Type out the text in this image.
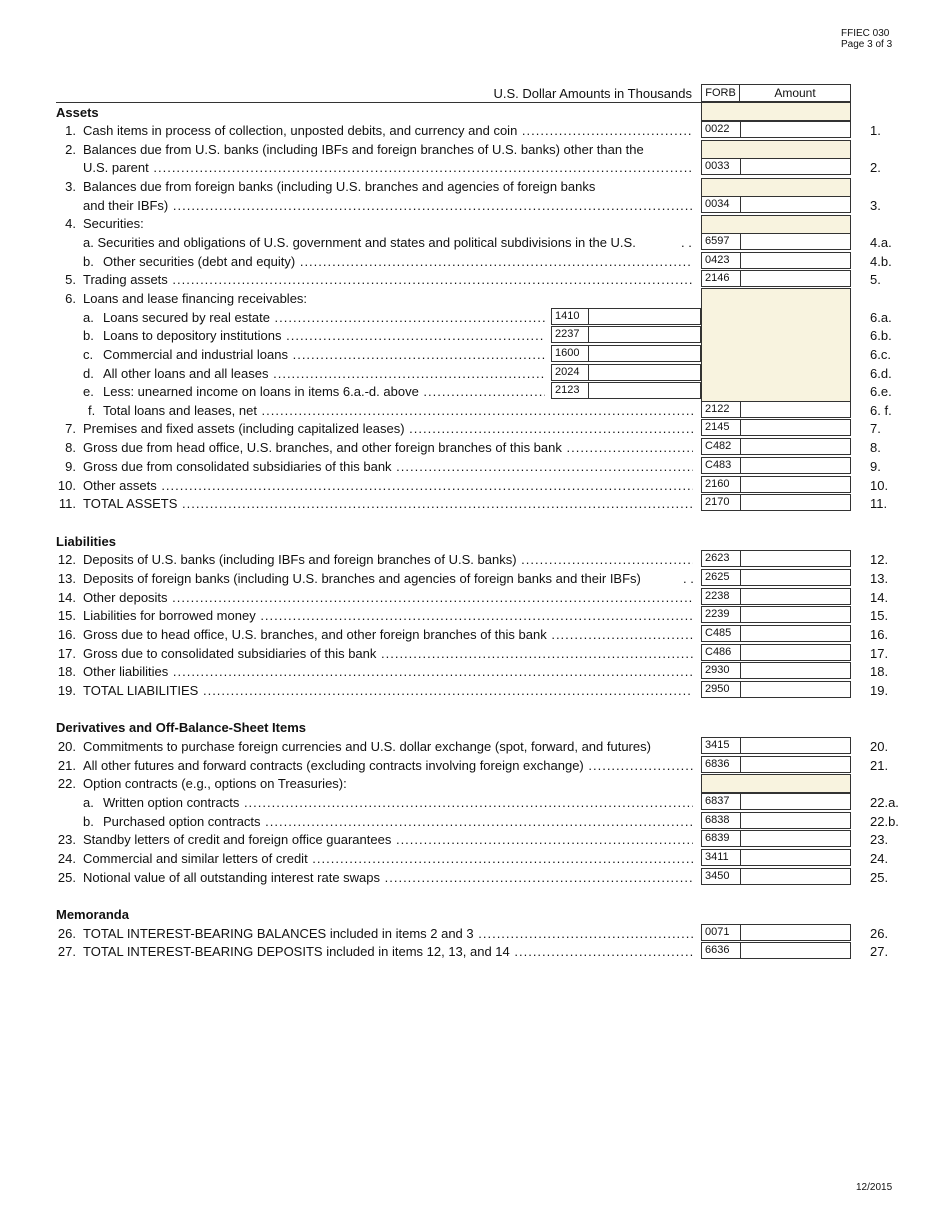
FFIEC 030
Page 3 of 3
U.S. Dollar Amounts in Thousands	FORB	Amount
Assets
1. Cash items in process of collection, unposted debits, and currency and coin .....	0022	1.
2. Balances due from U.S. banks (including IBFs and foreign branches of U.S. banks) other than the
U.S. parent .....	0033	2.
3. Balances due from foreign banks (including U.S. branches and agencies of foreign banks
and their IBFs) .....	0034	3.
4. Securities:
a. Securities and obligations of U.S. government and states and political subdivisions in the U.S.	. . 6597	4.a.
b. Other securities (debt and equity) .....	0423	4.b.
5. Trading assets .....	2146	5.
6. Loans and lease financing receivables:
a. Loans secured by real estate .....	1410	6.a.
b. Loans to depository institutions .....	2237	6.b.
c. Commercial and industrial loans .....	1600	6.c.
d. All other loans and all leases .....	2024	6.d.
e. Less: unearned income on loans in items 6.a.-d. above .....	2123	6.e.
f. Total loans and leases, net .....	2122	6. f.
7. Premises and fixed assets (including capitalized leases) .....	2145	7.
8. Gross due from head office, U.S. branches, and other foreign branches of this bank .....	C482	8.
9. Gross due from consolidated subsidiaries of this bank .....	C483	9.
10. Other assets .....	2160	10.
11. TOTAL ASSETS .....	2170	11.
Liabilities
12. Deposits of U.S. banks (including IBFs and foreign branches of U.S. banks) .....	2623	12.
13. Deposits of foreign banks (including U.S. branches and agencies of foreign banks and their IBFs)	. . 2625	13.
14. Other deposits .....	2238	14.
15. Liabilities for borrowed money .....	2239	15.
16. Gross due to head office, U.S. branches, and other foreign branches of this bank .....	C485	16.
17. Gross due to consolidated subsidiaries of this bank .....	C486	17.
18. Other liabilities .....	2930	18.
19. TOTAL LIABILITIES .....	2950	19.
Derivatives and Off-Balance-Sheet Items
20. Commitments to purchase foreign currencies and U.S. dollar exchange (spot, forward, and futures)	3415	20.
21. All other futures and forward contracts (excluding contracts involving foreign exchange) .....	6836	21.
22. Option contracts (e.g., options on Treasuries):
a. Written option contracts .....	6837	22.a.
b. Purchased option contracts .....	6838	22.b.
23. Standby letters of credit and foreign office guarantees .....	6839	23.
24. Commercial and similar letters of credit .....	3411	24.
25. Notional value of all outstanding interest rate swaps .....	3450	25.
Memoranda
26. TOTAL INTEREST-BEARING BALANCES included in items 2 and 3 .....	0071	26.
27. TOTAL INTEREST-BEARING DEPOSITS included in items 12, 13, and 14 .....	6636	27.
12/2015
